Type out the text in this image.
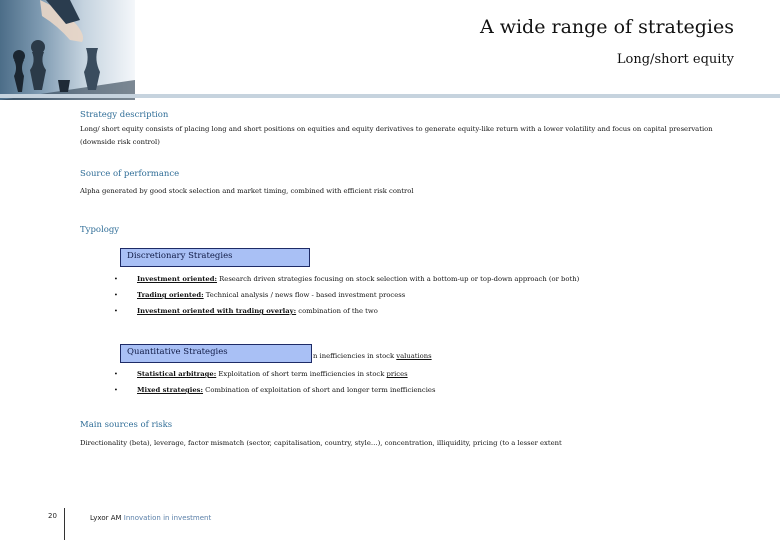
A wide range of strategies
Long/short equity
Strategy description
Long/ short equity consists of placing long and short positions on equities and equity derivatives to generate equity-like return with a lower volatility and focus on capital preservation (downside risk control)
Source of performance
Alpha generated by good stock selection and market timing, combined with efficient risk control
Typology
Discretionary Strategies
•	Investment oriented: Research driven strategies focusing on stock selection with a bottom-up or top-down approach (or both)
•	Trading oriented: Technical analysis / news flow - based investment process
•	Investment oriented with trading overlay: combination of the two
n inefficiencies in stock valuations
Quantitative Strategies
•	Statistical arbitrage: Exploitation of short term inefficiencies in stock prices
•	Mixed strategies: Combination of exploitation of short and longer term inefficiencies
Main sources of risks
Directionality (beta), leverage, factor mismatch (sector, capitalisation, country, style…), concentration, illiquidity, pricing (to a lesser extent
20	Lyxor AM Innovation in investment
